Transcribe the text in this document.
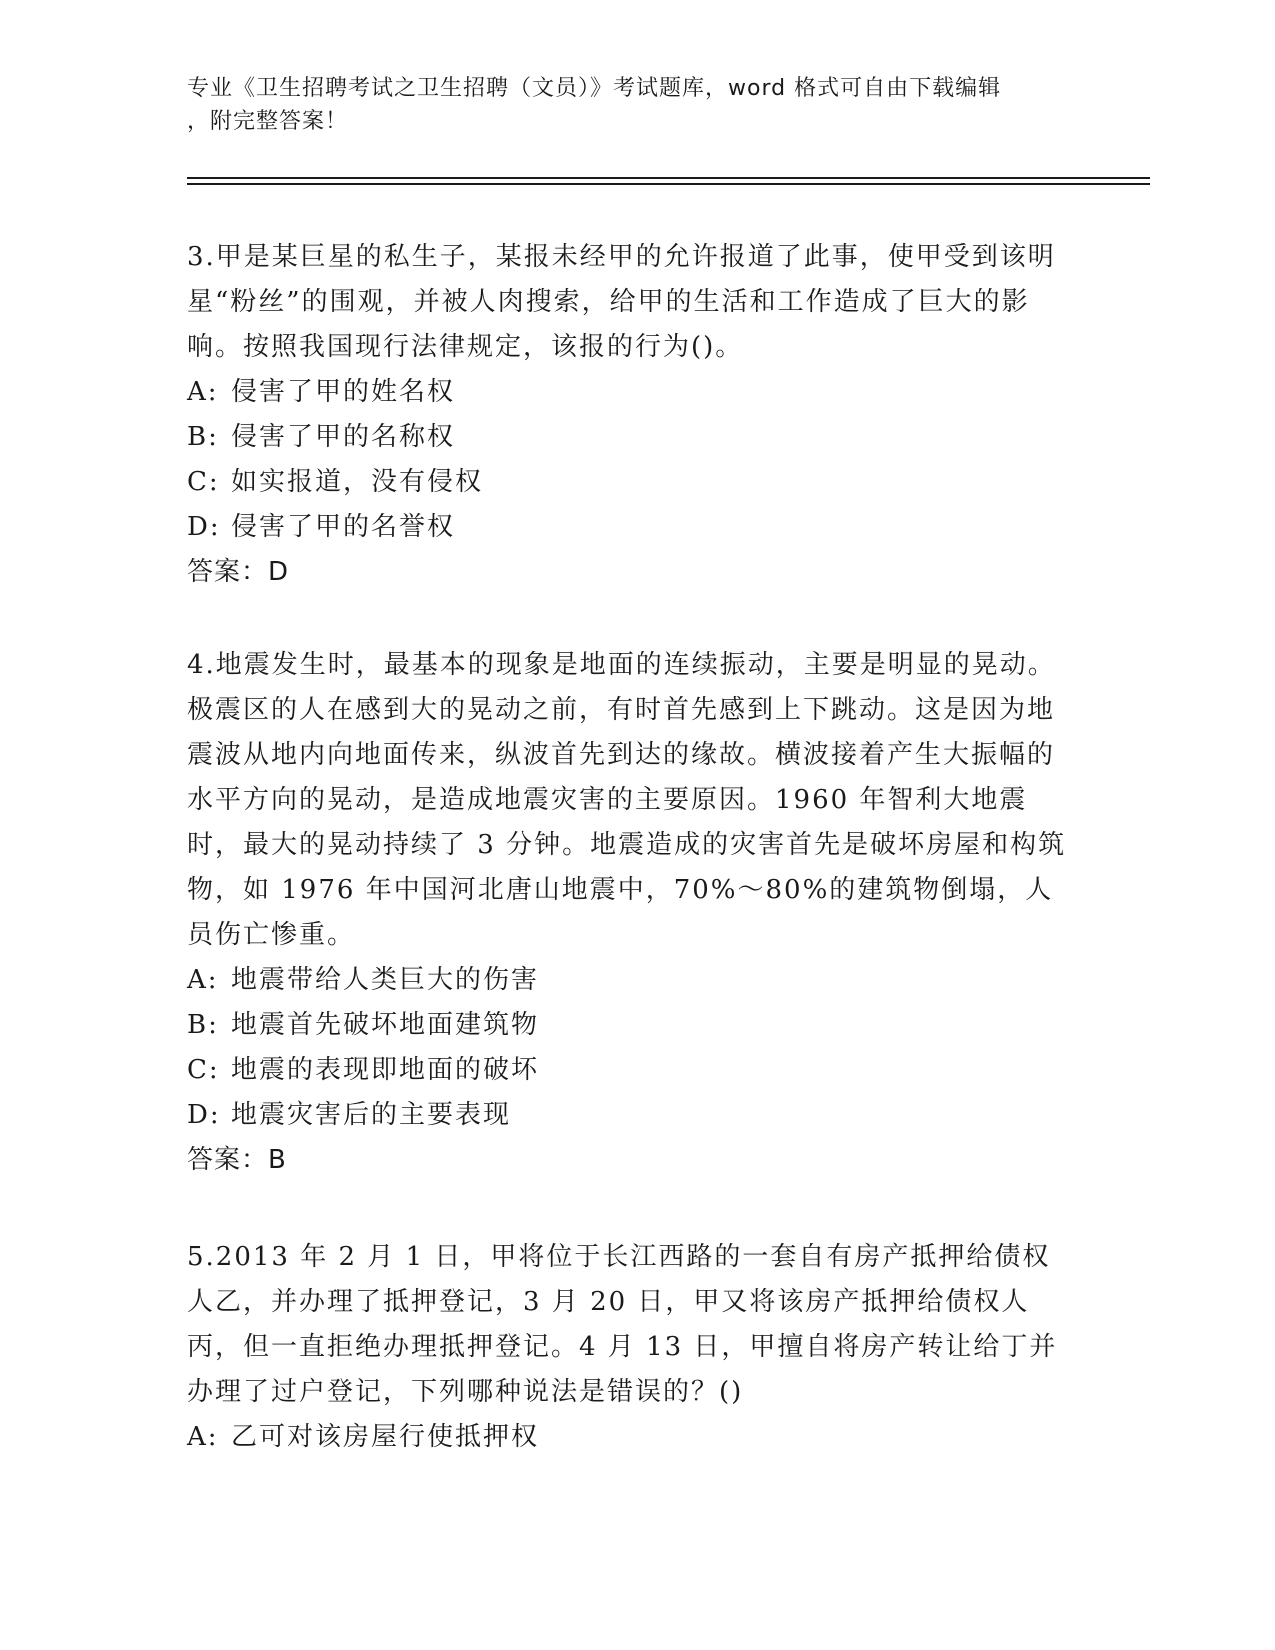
专业《卫生招聘考试之卫生招聘（文员）》考试题库，word 格式可自由下载编辑
，附完整答案！

3.甲是某巨星的私生子，某报未经甲的允许报道了此事，使甲受到该明星“粉丝”的围观，并被人肉搜索，给甲的生活和工作造成了巨大的影响。按照我国现行法律规定，该报的行为()。

A: 侵害了甲的姓名权

B: 侵害了甲的名称权

C: 如实报道，没有侵权

D: 侵害了甲的名誉权

答案：D

4.地震发生时，最基本的现象是地面的连续振动，主要是明显的晃动。极震区的人在感到大的晃动之前，有时首先感到上下跳动。这是因为地震波从地内向地面传来，纵波首先到达的缘故。横波接着产生大振幅的水平方向的晃动，是造成地震灾害的主要原因。1960 年智利大地震时，最大的晃动持续了 3 分钟。地震造成的灾害首先是破坏房屋和构筑物，如 1976 年中国河北唐山地震中，70%～80%的建筑物倒塌，人员伤亡惨重。

A: 地震带给人类巨大的伤害

B: 地震首先破坏地面建筑物

C: 地震的表现即地面的破坏

D: 地震灾害后的主要表现

答案：B

5.2013 年 2 月 1 日，甲将位于长江西路的一套自有房产抵押给债权人乙，并办理了抵押登记，3 月 20 日，甲又将该房产抵押给债权人丙，但一直拒绝办理抵押登记。4 月 13 日，甲擅自将房产转让给丁并办理了过户登记，下列哪种说法是错误的？()

A: 乙可对该房屋行使抵押权
